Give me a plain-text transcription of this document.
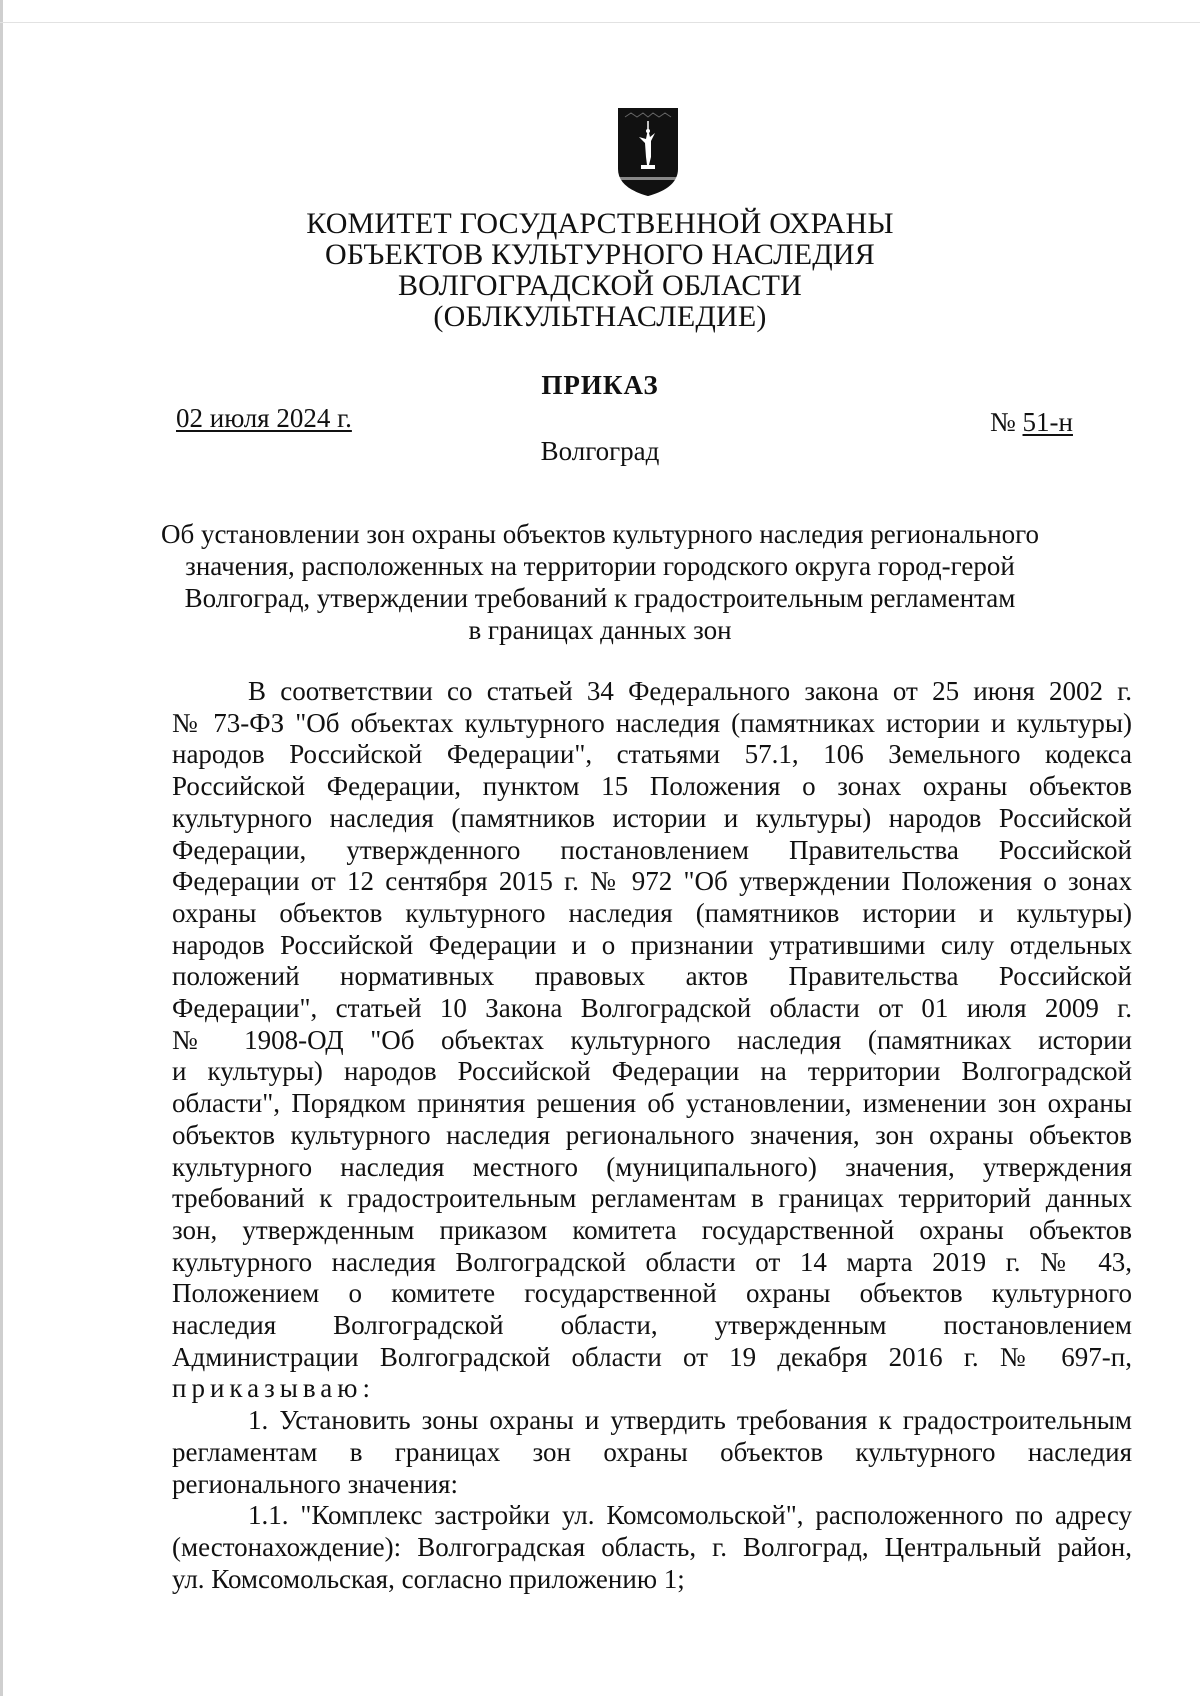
КОМИТЕТ ГОСУДАРСТВЕННОЙ ОХРАНЫ
ОБЪЕКТОВ КУЛЬТУРНОГО НАСЛЕДИЯ
ВОЛГОГРАДСКОЙ ОБЛАСТИ
(ОБЛКУЛЬТНАСЛЕДИЕ)
ПРИКАЗ
02 июля 2024 г.	№ 51-н
Волгоград
Об установлении зон охраны объектов культурного наследия регионального
значения, расположенных на территории городского округа город-герой
Волгоград, утверждении требований к градостроительным регламентам
в границах данных зон
В соответствии со статьей 34 Федерального закона от 25 июня 2002 г.
№ 73-ФЗ "Об объектах культурного наследия (памятниках истории и культуры)
народов Российской Федерации", статьями 57.1, 106 Земельного кодекса
Российской Федерации, пунктом 15 Положения о зонах охраны объектов
культурного наследия (памятников истории и культуры) народов Российской
Федерации, утвержденного постановлением Правительства Российской
Федерации от 12 сентября 2015 г. № 972 "Об утверждении Положения о зонах
охраны объектов культурного наследия (памятников истории и культуры)
народов Российской Федерации и о признании утратившими силу отдельных
положений нормативных правовых актов Правительства Российской
Федерации", статьей 10 Закона Волгоградской области от 01 июля 2009 г.
№ 1908-ОД "Об объектах культурного наследия (памятниках истории
и культуры) народов Российской Федерации на территории Волгоградской
области", Порядком принятия решения об установлении, изменении зон охраны
объектов культурного наследия регионального значения, зон охраны объектов
культурного наследия местного (муниципального) значения, утверждения
требований к градостроительным регламентам в границах территорий данных
зон, утвержденным приказом комитета государственной охраны объектов
культурного наследия Волгоградской области от 14 марта 2019 г. № 43,
Положением о комитете государственной охраны объектов культурного
наследия Волгоградской области, утвержденным постановлением
Администрации Волгоградской области от 19 декабря 2016 г. № 697-п,
приказываю:
1. Установить зоны охраны и утвердить требования к градостроительным
регламентам в границах зон охраны объектов культурного наследия
регионального значения:
1.1. "Комплекс застройки ул. Комсомольской", расположенного по адресу
(местонахождение): Волгоградская область, г. Волгоград, Центральный район,
ул. Комсомольская, согласно приложению 1;
